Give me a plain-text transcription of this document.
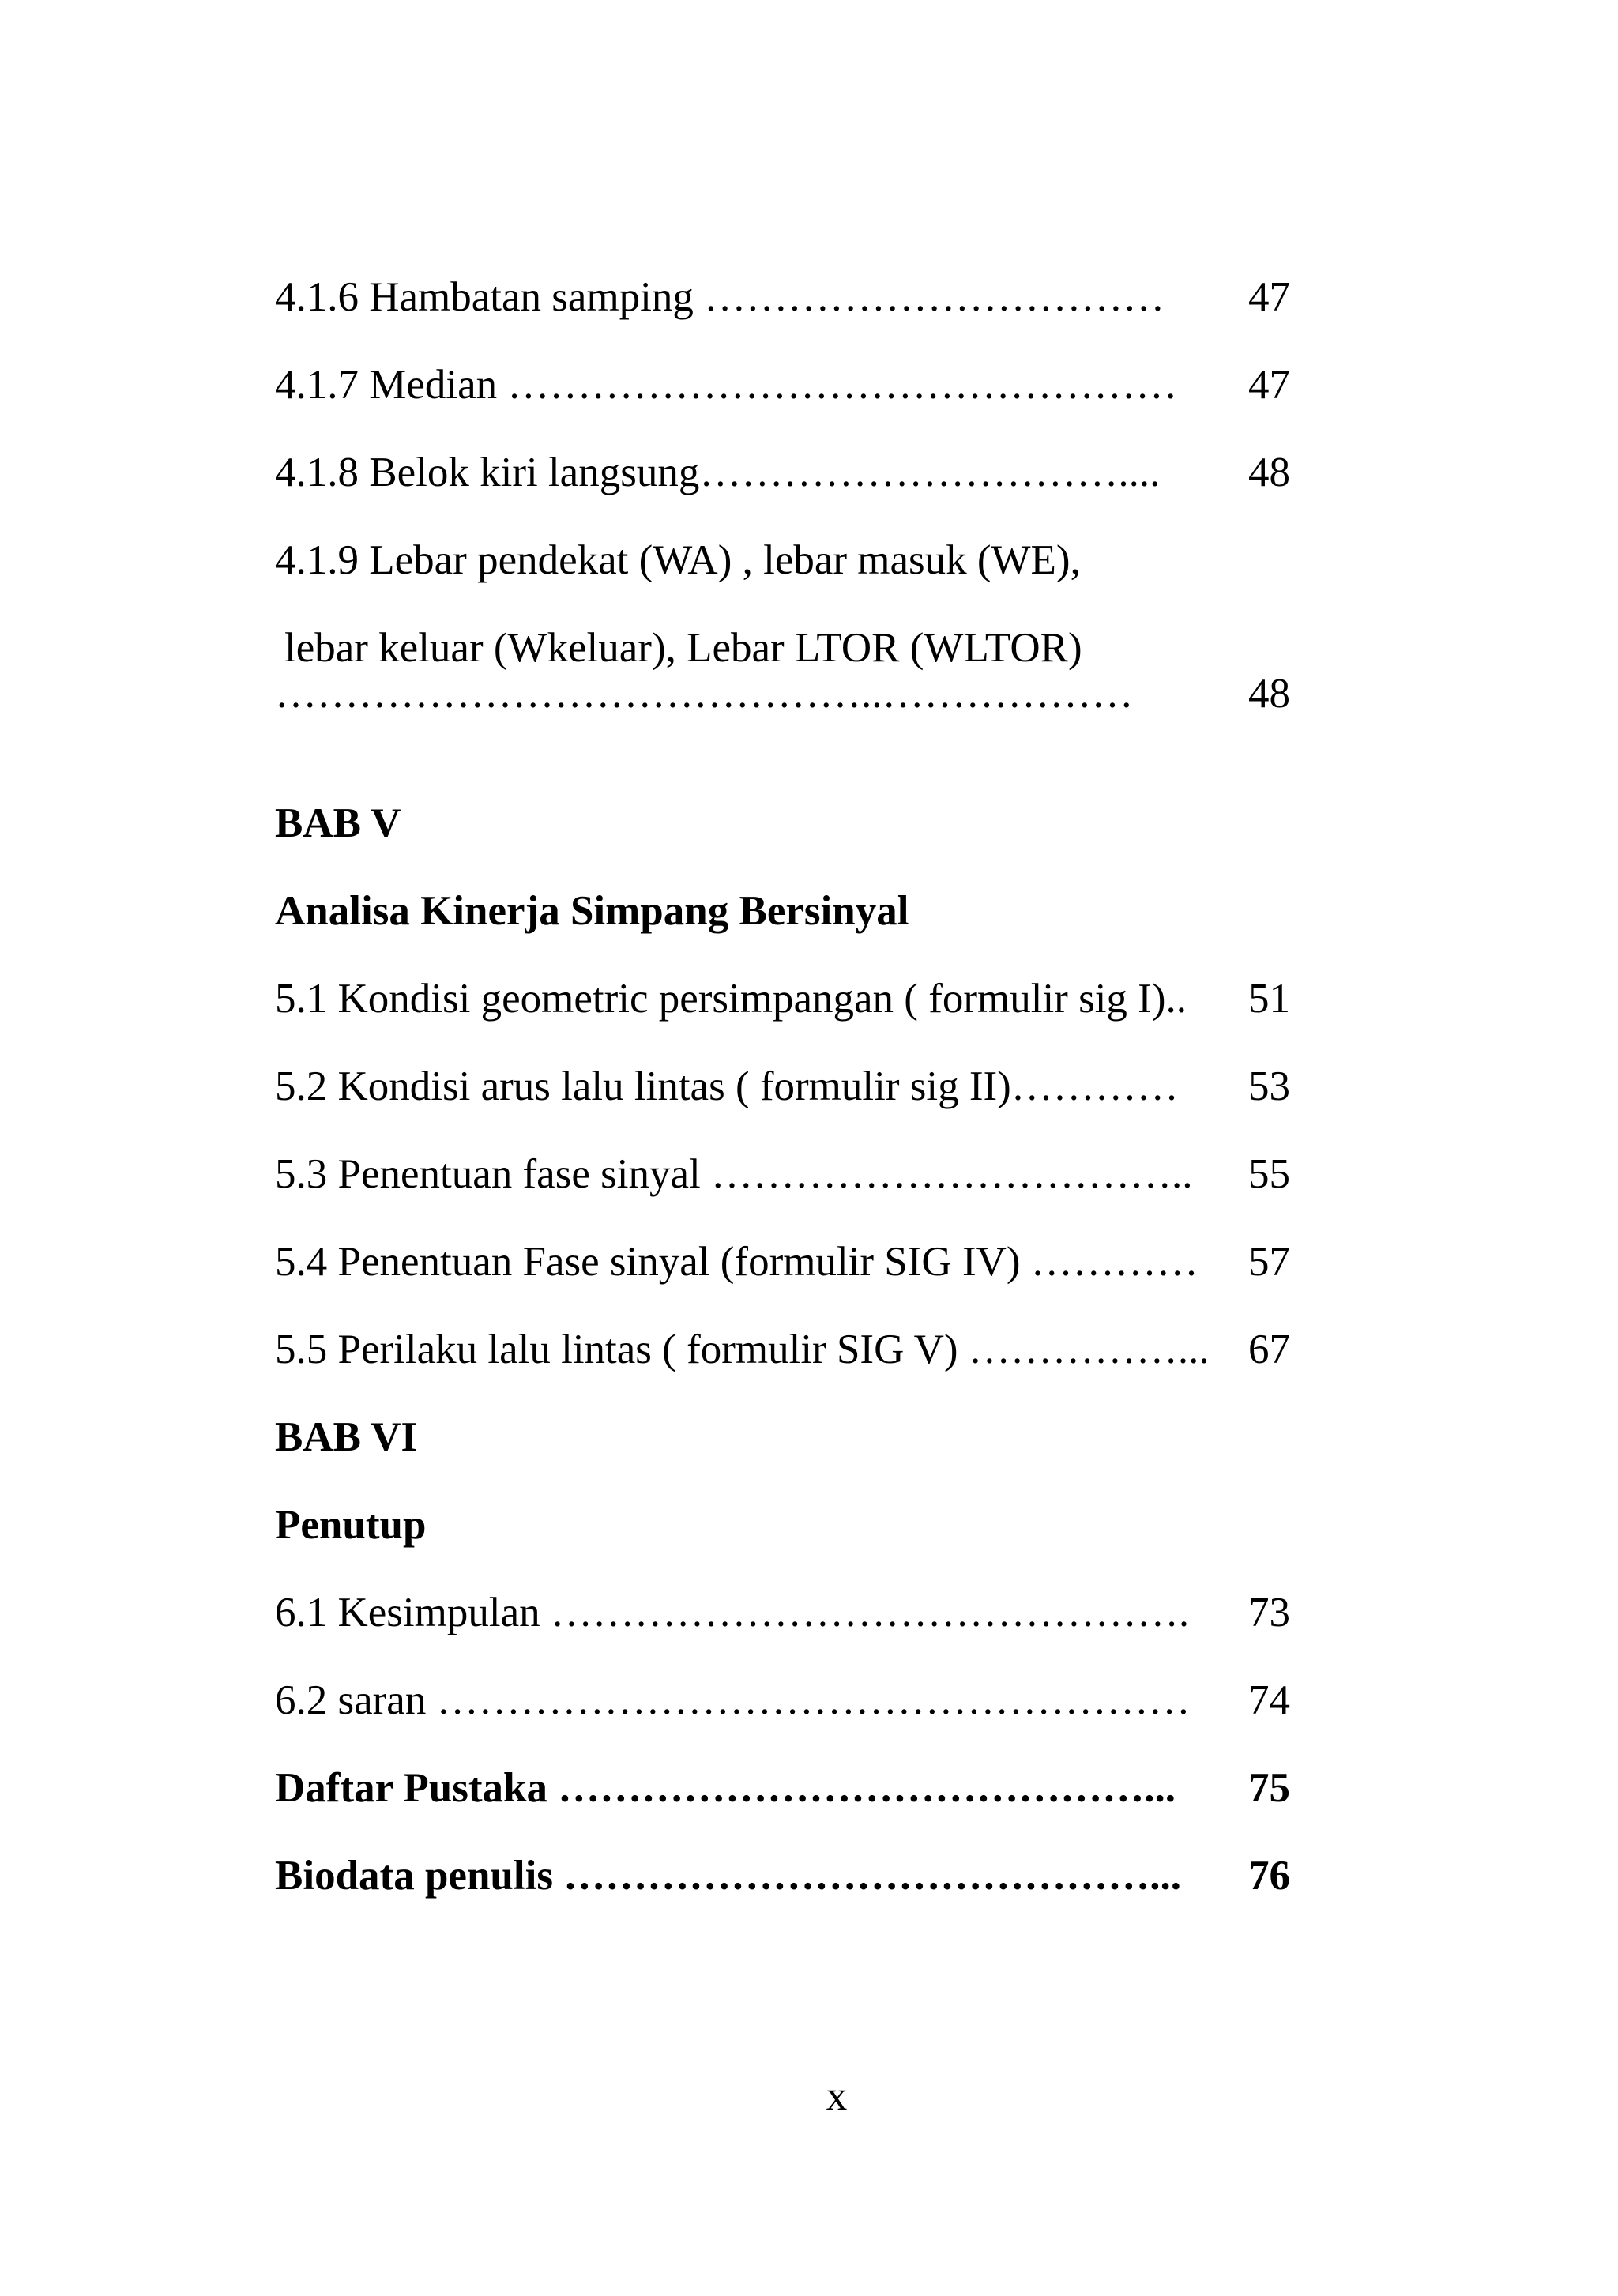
4.1.6 Hambatan samping …………………………… 47
4.1.7 Median ………………………………………… 47
4.1.8 Belok kiri langsung………………………….... 48
4.1.9 Lebar pendekat (WA) , lebar masuk (WE),
lebar keluar (Wkeluar), Lebar LTOR (WLTOR)
……………………………………..………………	48
BAB V
Analisa Kinerja Simpang Bersinyal
5.1 Kondisi geometric persimpangan ( formulir sig I).. 51
5.2 Kondisi arus lalu lintas ( formulir sig II)………… 53
5.3 Penentuan fase sinyal …………………………….. 55
5.4 Penentuan Fase sinyal (formulir SIG IV) ………… 57
5.5 Perilaku lalu lintas ( formulir SIG V) ……………... 67
BAB VI
Penutup
6.1 Kesimpulan ………………………………………. 73
6.2 saran ……………………………………………… 74
Daftar Pustaka ……………………………………... 75
Biodata penulis ……………………………………... 76
x
